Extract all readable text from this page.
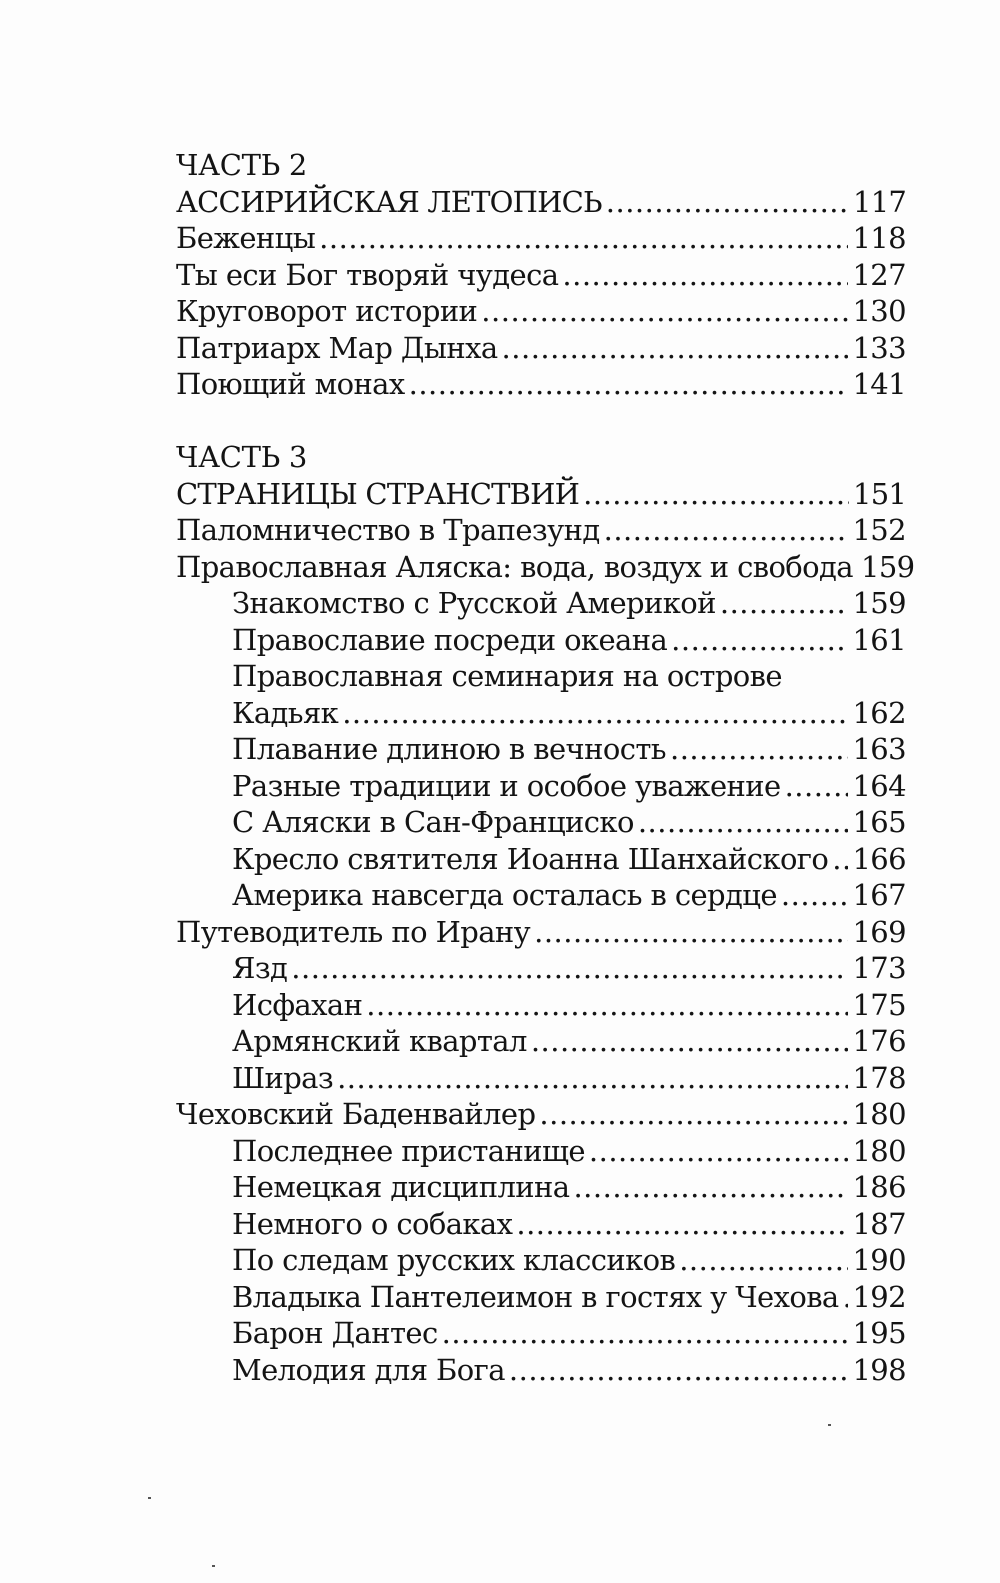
ЧАСТЬ 2
АССИРИЙСКАЯ ЛЕТОПИСЬ .....	117
Беженцы .....	118
Ты еси Бог творяй чудеса .....	127
Круговорот истории .....	130
Патриарх Мар Дынха .....	133
Поющий монах .....	141
ЧАСТЬ 3
СТРАНИЦЫ СТРАНСТВИЙ .....	151
Паломничество в Трапезунд .....	152
Православная Аляска: вода, воздух и свобода 159
Знакомство с Русской Америкой .....	159
Православие посреди океана .....	161
Православная семинария на острове
Кадьяк .....	162
Плавание длиною в вечность .....	163
Разные традиции и особое уважение ..... 164
С Аляски в Сан-Франциско .....	165
Кресло святителя Иоанна Шанхайского ..... 166
Америка навсегда осталась в сердце .....	167
Путеводитель по Ирану .....	169
Язд .....	173
Исфахан .....	175
Армянский квартал .....	176
Шираз .....	178
Чеховский Баденвайлер .....	180
Последнее пристанище .....	180
Немецкая дисциплина .....	186
Немного о собаках .....	187
По следам русских классиков .....	190
Владыка Пантелеимон в гостях у Чехова ..... 192
Барон Дантес .....	195
Мелодия для Бога .....	198
